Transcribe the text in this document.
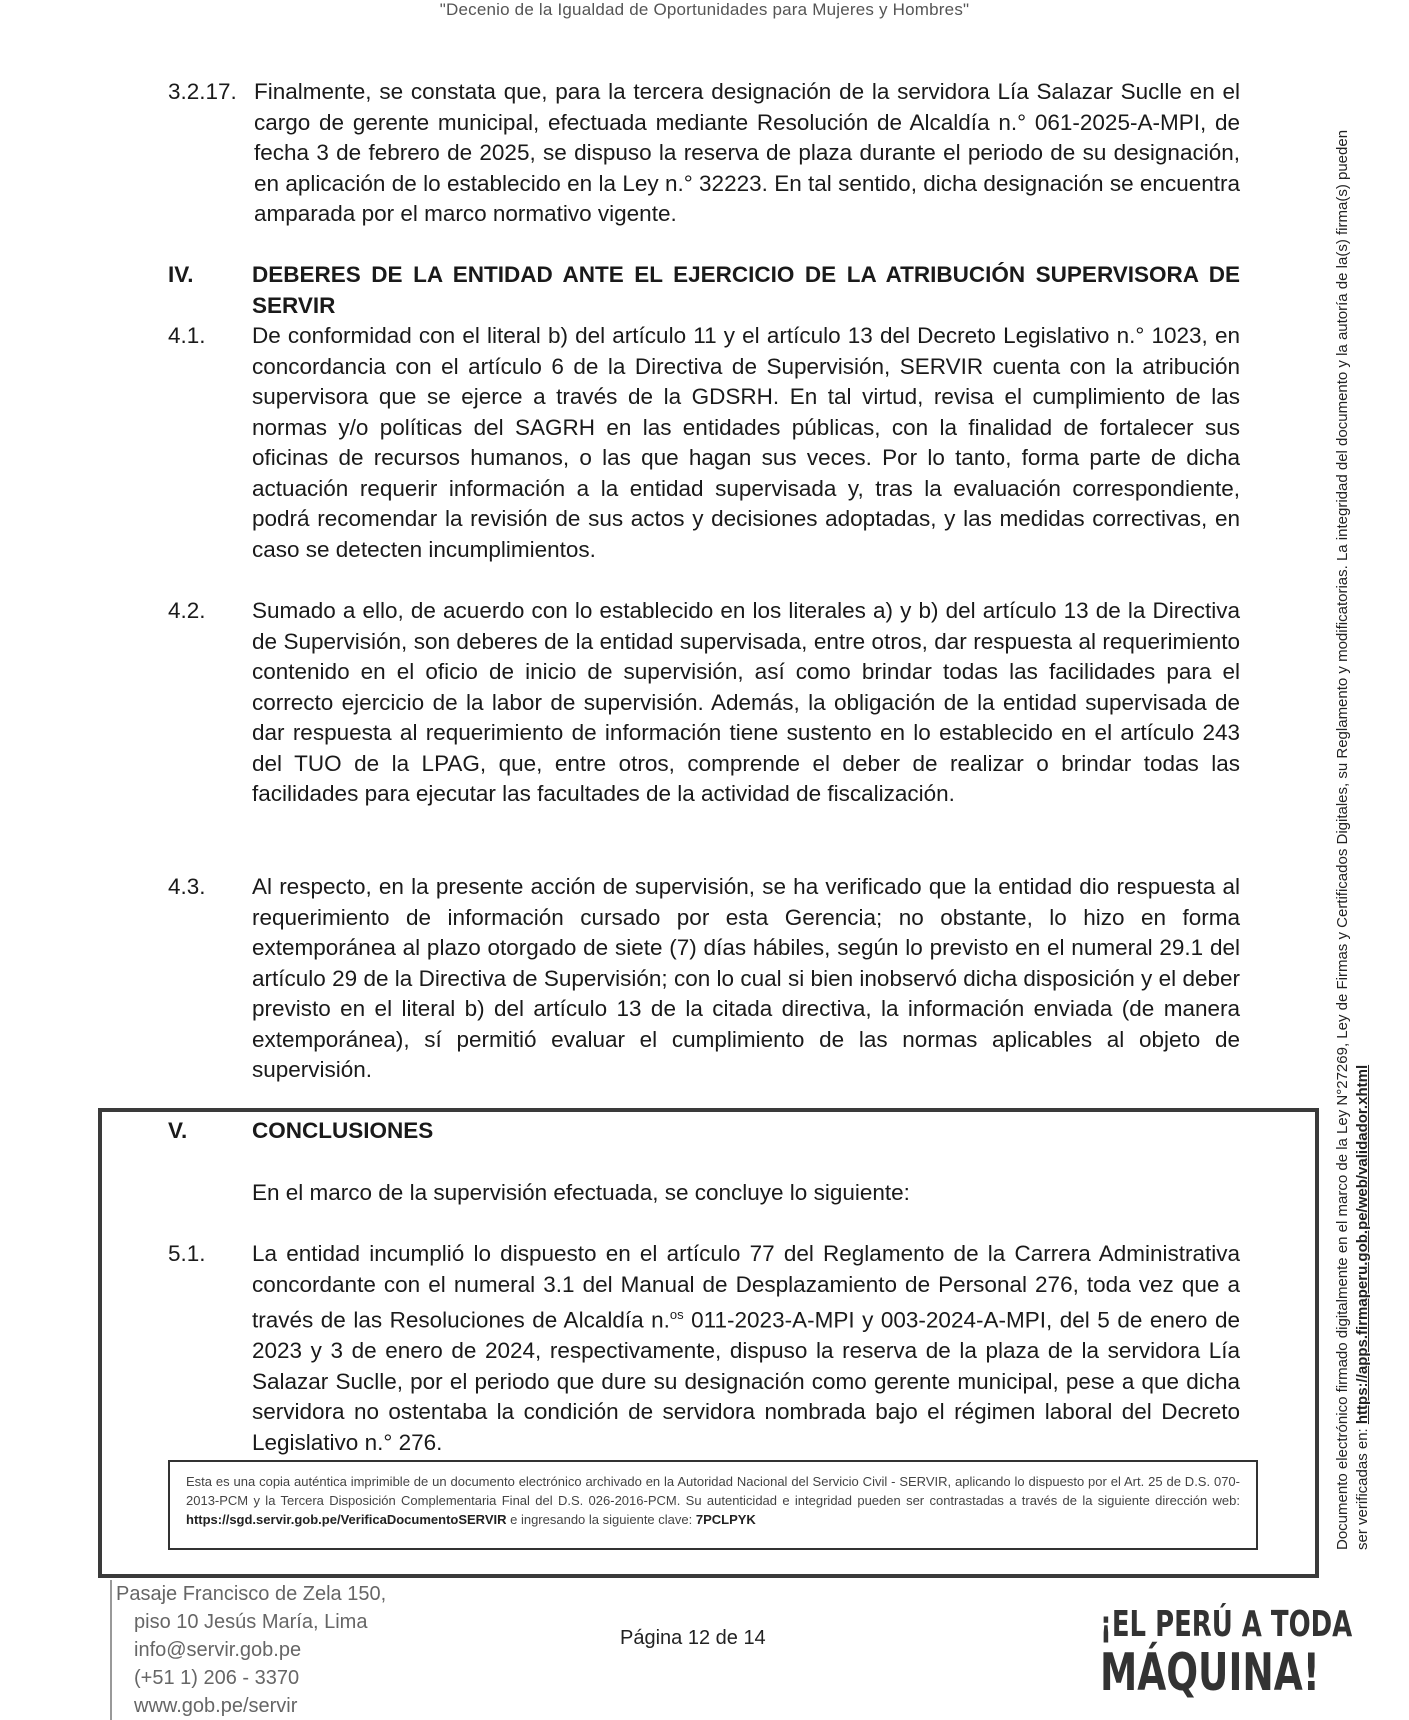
"Decenio de la Igualdad de Oportunidades para Mujeres y Hombres"
3.2.17. Finalmente, se constata que, para la tercera designación de la servidora Lía Salazar Suclle en el cargo de gerente municipal, efectuada mediante Resolución de Alcaldía n.° 061-2025-A-MPI, de fecha 3 de febrero de 2025, se dispuso la reserva de plaza durante el periodo de su designación, en aplicación de lo establecido en la Ley n.° 32223. En tal sentido, dicha designación se encuentra amparada por el marco normativo vigente.
IV.	DEBERES DE LA ENTIDAD ANTE EL EJERCICIO DE LA ATRIBUCIÓN SUPERVISORA DE SERVIR
4.1. De conformidad con el literal b) del artículo 11 y el artículo 13 del Decreto Legislativo n.° 1023, en concordancia con el artículo 6 de la Directiva de Supervisión, SERVIR cuenta con la atribución supervisora que se ejerce a través de la GDSRH. En tal virtud, revisa el cumplimiento de las normas y/o políticas del SAGRH en las entidades públicas, con la finalidad de fortalecer sus oficinas de recursos humanos, o las que hagan sus veces. Por lo tanto, forma parte de dicha actuación requerir información a la entidad supervisada y, tras la evaluación correspondiente, podrá recomendar la revisión de sus actos y decisiones adoptadas, y las medidas correctivas, en caso se detecten incumplimientos.
4.2. Sumado a ello, de acuerdo con lo establecido en los literales a) y b) del artículo 13 de la Directiva de Supervisión, son deberes de la entidad supervisada, entre otros, dar respuesta al requerimiento contenido en el oficio de inicio de supervisión, así como brindar todas las facilidades para el correcto ejercicio de la labor de supervisión. Además, la obligación de la entidad supervisada de dar respuesta al requerimiento de información tiene sustento en lo establecido en el artículo 243 del TUO de la LPAG, que, entre otros, comprende el deber de realizar o brindar todas las facilidades para ejecutar las facultades de la actividad de fiscalización.
4.3. Al respecto, en la presente acción de supervisión, se ha verificado que la entidad dio respuesta al requerimiento de información cursado por esta Gerencia; no obstante, lo hizo en forma extemporánea al plazo otorgado de siete (7) días hábiles, según lo previsto en el numeral 29.1 del artículo 29 de la Directiva de Supervisión; con lo cual si bien inobservó dicha disposición y el deber previsto en el literal b) del artículo 13 de la citada directiva, la información enviada (de manera extemporánea), sí permitió evaluar el cumplimiento de las normas aplicables al objeto de supervisión.
V.	CONCLUSIONES
En el marco de la supervisión efectuada, se concluye lo siguiente:
5.1. La entidad incumplió lo dispuesto en el artículo 77 del Reglamento de la Carrera Administrativa concordante con el numeral 3.1 del Manual de Desplazamiento de Personal 276, toda vez que a través de las Resoluciones de Alcaldía n.$^{os}$ 011-2023-A-MPI y 003-2024-A-MPI, del 5 de enero de 2023 y 3 de enero de 2024, respectivamente, dispuso la reserva de la plaza de la servidora Lía Salazar Suclle, por el periodo que dure su designación como gerente municipal, pese a que dicha servidora no ostentaba la condición de servidora nombrada bajo el régimen laboral del Decreto Legislativo n.° 276.
Esta es una copia auténtica imprimible de un documento electrónico archivado en la Autoridad Nacional del Servicio Civil - SERVIR, aplicando lo dispuesto por el Art. 25 de D.S. 070-2013-PCM y la Tercera Disposición Complementaria Final del D.S. 026-2016-PCM. Su autenticidad e integridad pueden ser contrastadas a través de la siguiente dirección web: https://sgd.servir.gob.pe/VerificaDocumentoSERVIR e ingresando la siguiente clave: 7PCLPYK	Documento electrónico firmado digitalmente en el marco de la Ley N°27269, Ley de Firmas y Certificados Digitales, su Reglamento y modificatorias. La integridad del documento y la autoría de la(s) firma(s) pueden ser verificadas en: https://apps.firmaperu.gob.pe/web/validador.xhtml
Pasaje Francisco de Zela 150,
piso 10 Jesús María, Lima
info@servir.gob.pe
(+51 1) 206 - 3370
www.gob.pe/servir
Página 12 de 14	¡EL PERÚ A TODA
MÁQUINA!
